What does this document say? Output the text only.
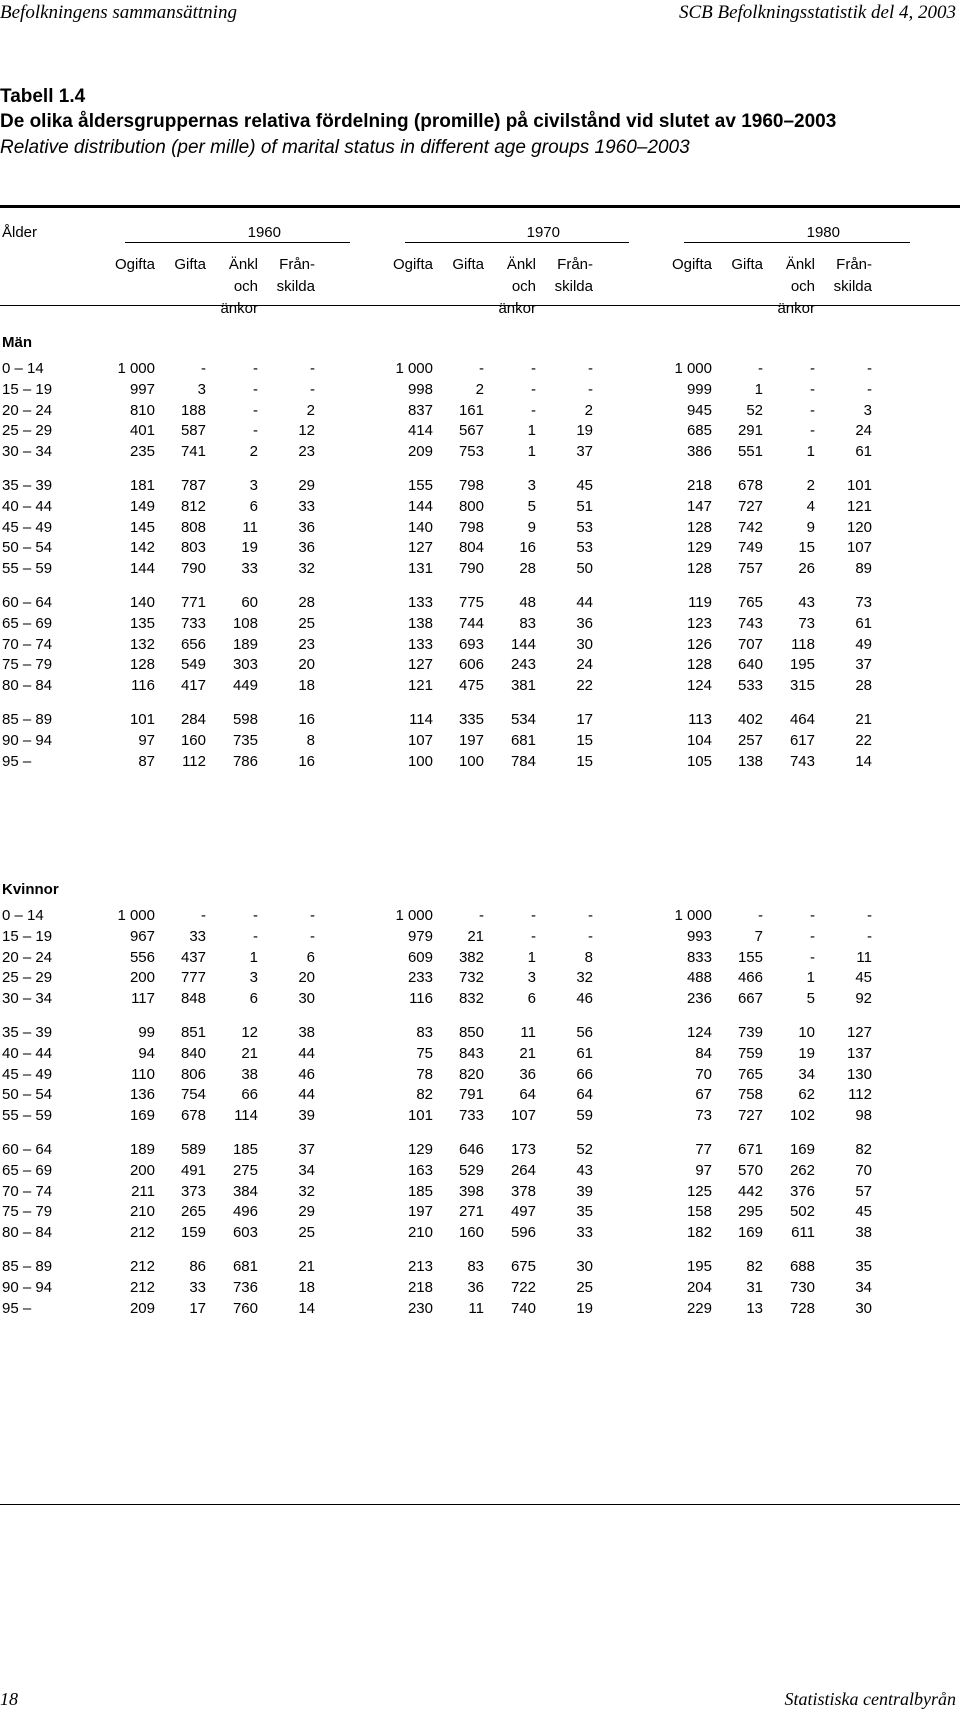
Befolkningens sammansättning	SCB Befolkningsstatistik del 4, 2003
Tabell 1.4
De olika åldersgruppernas relativa fördelning (promille) på civilstånd vid slutet av 1960–2003
Relative distribution (per mille) of marital status in different age groups 1960–2003
Ålder	1960	1970	1980
Ogifta	Gifta	Änkl
och
änkor
Från-
skilda
Ogifta	Gifta	Änkl
och
änkor
Från-
skilda
Ogifta	Gifta	Änkl
och
änkor
Från-
skilda
Män
0 – 14	1 000	-	-	-	1 000	-	-	-	1 000	-	-	-
15 – 19	997	3	-	-	998	2	-	-	999	1	-	-
20 – 24	810	188	-	2	837	161	-	2	945	52	-	3
25 – 29	401	587	-	12	414	567	1	19	685	291	-	24
30 – 34	235	741	2	23	209	753	1	37	386	551	1	61
35 – 39	181	787	3	29	155	798	3	45	218	678	2	101
40 – 44	149	812	6	33	144	800	5	51	147	727	4	121
45 – 49	145	808	11	36	140	798	9	53	128	742	9	120
50 – 54	142	803	19	36	127	804	16	53	129	749	15	107
55 – 59	144	790	33	32	131	790	28	50	128	757	26	89
60 – 64	140	771	60	28	133	775	48	44	119	765	43	73
65 – 69	135	733	108	25	138	744	83	36	123	743	73	61
70 – 74	132	656	189	23	133	693	144	30	126	707	118	49
75 – 79	128	549	303	20	127	606	243	24	128	640	195	37
80 – 84	116	417	449	18	121	475	381	22	124	533	315	28
85 – 89	101	284	598	16	114	335	534	17	113	402	464	21
90 – 94	97	160	735	8	107	197	681	15	104	257	617	22
95 –	87	112	786	16	100	100	784	15	105	138	743	14
Kvinnor
0 – 14	1 000	-	-	-	1 000	-	-	-	1 000	-	-	-
15 – 19	967	33	-	-	979	21	-	-	993	7	-	-
20 – 24	556	437	1	6	609	382	1	8	833	155	-	11
25 – 29	200	777	3	20	233	732	3	32	488	466	1	45
30 – 34	117	848	6	30	116	832	6	46	236	667	5	92
35 – 39	99	851	12	38	83	850	11	56	124	739	10	127
40 – 44	94	840	21	44	75	843	21	61	84	759	19	137
45 – 49	110	806	38	46	78	820	36	66	70	765	34	130
50 – 54	136	754	66	44	82	791	64	64	67	758	62	112
55 – 59	169	678	114	39	101	733	107	59	73	727	102	98
60 – 64	189	589	185	37	129	646	173	52	77	671	169	82
65 – 69	200	491	275	34	163	529	264	43	97	570	262	70
70 – 74	211	373	384	32	185	398	378	39	125	442	376	57
75 – 79	210	265	496	29	197	271	497	35	158	295	502	45
80 – 84	212	159	603	25	210	160	596	33	182	169	611	38
85 – 89	212	86	681	21	213	83	675	30	195	82	688	35
90 – 94	212	33	736	18	218	36	722	25	204	31	730	34
95 –	209	17	760	14	230	11	740	19	229	13	728	30
18	Statistiska centralbyrån
